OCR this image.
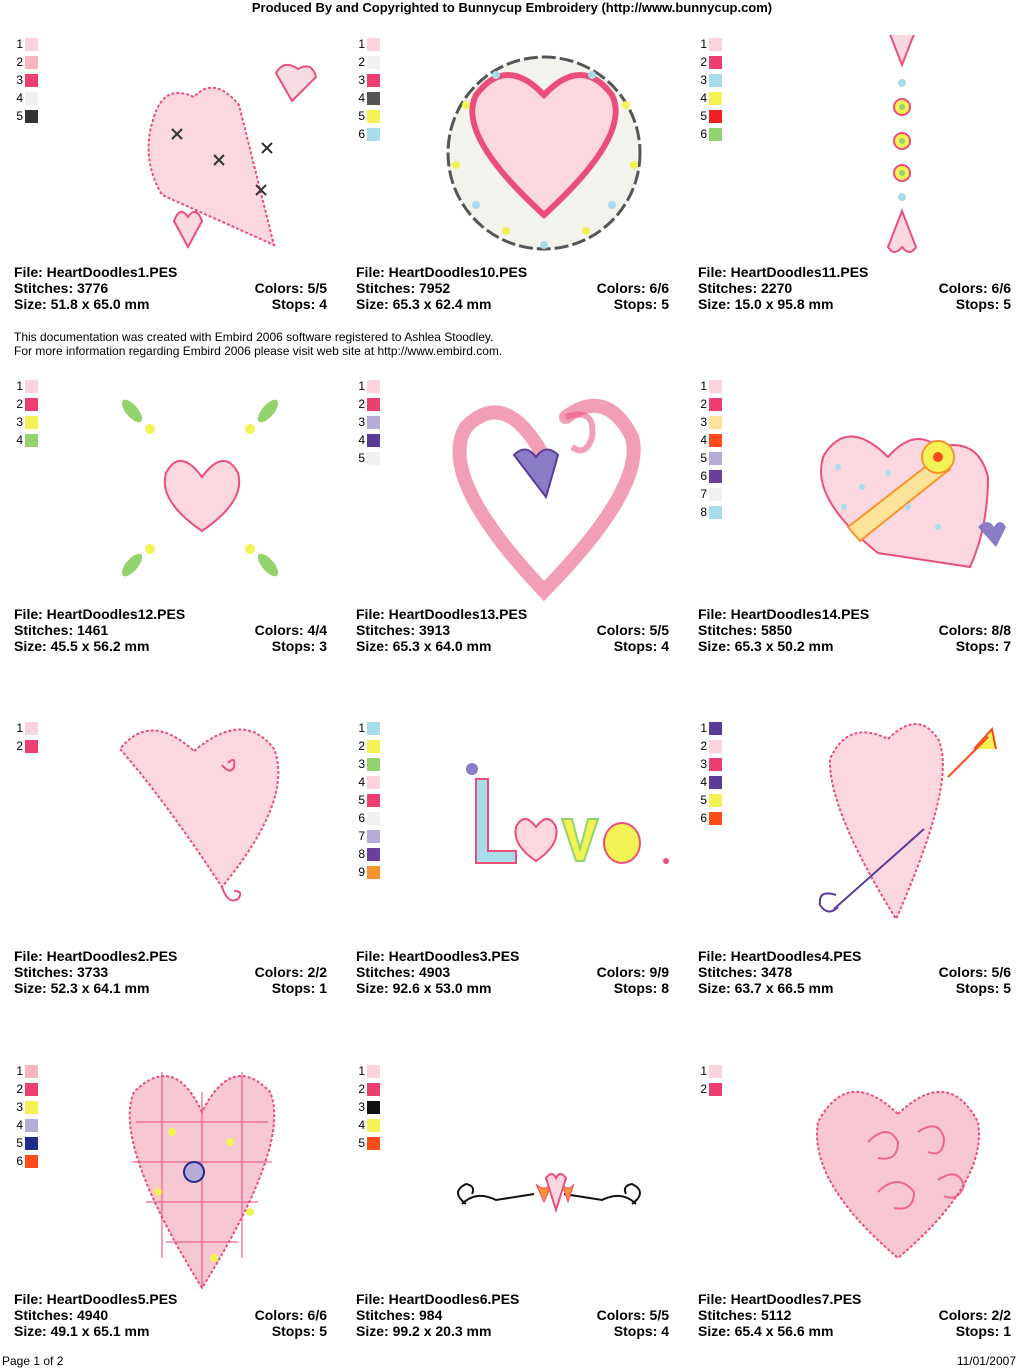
Produced By and Copyrighted to Bunnycup Embroidery (http://www.bunnycup.com)
This documentation was created with Embird 2006 software registered to Ashlea Stoodley.
For more information regarding Embird 2006 please visit web site at http://www.embird.com.
1
2
3
4
5
File: HeartDoodles1.PES
Stitches: 3776	Colors: 5/5
Size: 51.8 x 65.0 mm	Stops: 4
1
2
3
4
5
6
File: HeartDoodles10.PES
Stitches: 7952	Colors: 6/6
Size: 65.3 x 62.4 mm	Stops: 5
1
2
3
4
5
6
File: HeartDoodles11.PES
Stitches: 2270	Colors: 6/6
Size: 15.0 x 95.8 mm	Stops: 5
1
2
3
4
File: HeartDoodles12.PES
Stitches: 1461	Colors: 4/4
Size: 45.5 x 56.2 mm	Stops: 3
1
2
3
4
5
File: HeartDoodles13.PES
Stitches: 3913	Colors: 5/5
Size: 65.3 x 64.0 mm	Stops: 4
1
2
3
4
5
6
7
8
File: HeartDoodles14.PES
Stitches: 5850	Colors: 8/8
Size: 65.3 x 50.2 mm	Stops: 7
1
2
File: HeartDoodles2.PES
Stitches: 3733	Colors: 2/2
Size: 52.3 x 64.1 mm	Stops: 1
1
2
3
4
5
6
7
8
9
File: HeartDoodles3.PES
Stitches: 4903	Colors: 9/9
Size: 92.6 x 53.0 mm	Stops: 8
1
2
3
4
5
6
File: HeartDoodles4.PES
Stitches: 3478	Colors: 5/6
Size: 63.7 x 66.5 mm	Stops: 5
1
2
3
4
5
6
File: HeartDoodles5.PES
Stitches: 4940	Colors: 6/6
Size: 49.1 x 65.1 mm	Stops: 5
1
2
3
4
5
File: HeartDoodles6.PES
Stitches: 984	Colors: 5/5
Size: 99.2 x 20.3 mm	Stops: 4
1
2
File: HeartDoodles7.PES
Stitches: 5112	Colors: 2/2
Size: 65.4 x 56.6 mm	Stops: 1
Page 1 of 2	11/01/2007
